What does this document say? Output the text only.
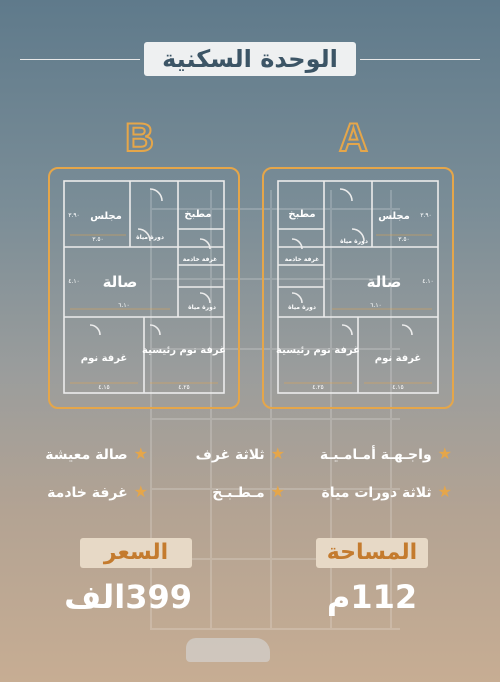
الوحدة السكنية
B	A
مجلس	مطبخ
دورة مياة
غرفة خادمة
صالة
دورة مياة
غرفة نوم
غرفة نوم رئيسية
٣.٩٠
٣.٥٠
٤.١٠
٦.١٠
٤.١٥	٤.٢٥
مجلس
مطبخ
دورة مياة
غرفة خادمة
صالة
دورة مياة
غرفة نوم رئيسية
غرفة نوم
٣.٩٠
٣.٥٠
٤.١٠
٦.١٠
٤.٢٥	٤.١٥
★واجـهـة أمـامـيـة
★ثلاثة غرف
★صالة معيشة
★ثلاثة دورات مياة
★مـطـبـخ
★غرفة خادمة
السعر	المساحة
399الف	112م
